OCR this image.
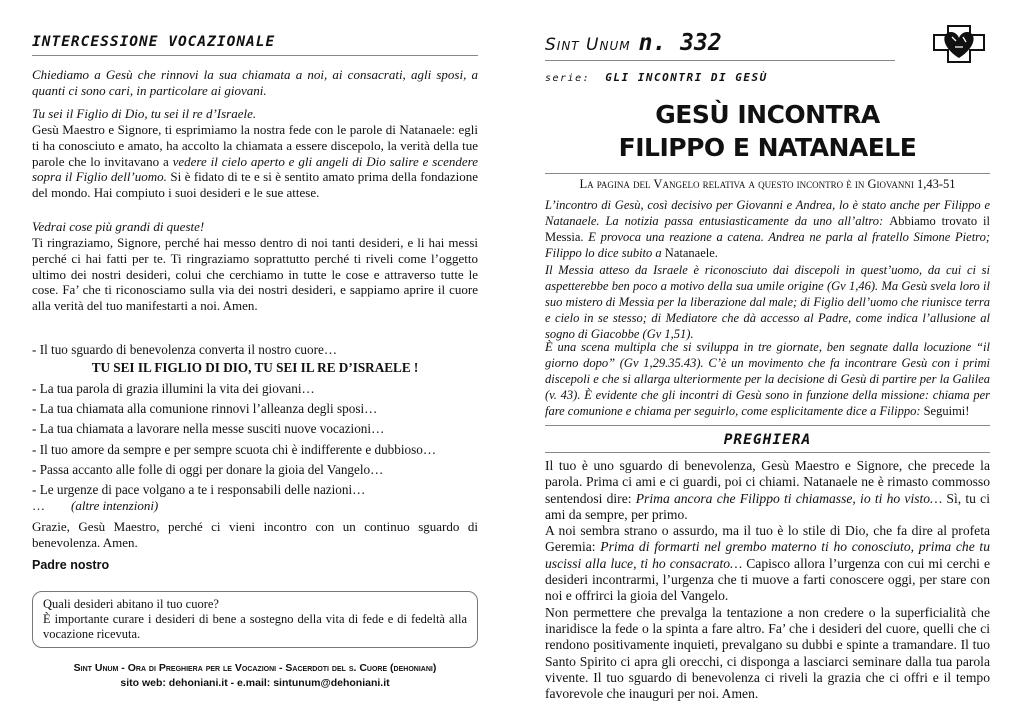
INTERCESSIONE VOCAZIONALE
Chiediamo a Gesù che rinnovi la sua chiamata a noi, ai consacrati, agli sposi, a quanti ci sono cari, in particolare ai giovani.
Tu sei il Figlio di Dio, tu sei il re d’Israele.
Gesù Maestro e Signore, ti esprimiamo la nostra fede con le parole di Natanaele: egli ti ha conosciuto e amato, ha accolto la chiamata a essere discepolo, la verità della tue parole che lo invitavano a vedere il cielo aperto e gli angeli di Dio salire e scendere sopra il Figlio dell’uomo. Si è fidato di te e si è sentito amato prima della fondazione del mondo. Hai compiuto i suoi desideri e le sue attese.
Vedrai cose più grandi di queste!
Ti ringraziamo, Signore, perché hai messo dentro di noi tanti desideri, e li hai messi perché ci hai fatti per te. Ti ringraziamo soprattutto perché ti riveli come l’oggetto ultimo dei nostri desideri, colui che cerchiamo in tutte le cose e attraverso tutte le cose. Fa’ che ti riconosciamo sulla via dei nostri desideri, e sappiamo aprire il cuore alla verità del tuo manifestarti a noi. Amen.
- Il tuo sguardo di benevolenza converta il nostro cuore…
TU SEI IL FIGLIO DI DIO, TU SEI IL RE D’ISRAELE !
- La tua parola di grazia illumini la vita dei giovani…
- La tua chiamata alla comunione rinnovi l’alleanza degli sposi…
- La tua chiamata a lavorare nella messe susciti nuove vocazioni…
- Il tuo amore da sempre e per sempre scuota chi è indifferente e dubbioso…
- Passa accanto alle folle di oggi per donare la gioia del Vangelo…
- Le urgenze di pace volgano a te i responsabili delle nazioni…
… (altre intenzioni)
Grazie, Gesù Maestro, perché ci vieni incontro con un continuo sguardo di benevolenza. Amen.
Padre nostro
Quali desideri abitano il tuo cuore?
È importante curare i desideri di bene a sostegno della vita di fede e di fedeltà alla vocazione ricevuta.
Sint Unum - Ora di Preghiera per le Vocazioni - Sacerdoti del s. Cuore (dehoniani)
sito web: dehoniani.it - e.mail: sintunum@dehoniani.it
Sint Unum n. 332
serie: GLI INCONTRI DI GESÙ
GESÙ INCONTRA
FILIPPO E NATANAELE
La pagina del Vangelo relativa a questo incontro è in Giovanni 1,43-51
L’incontro di Gesù, così decisivo per Giovanni e Andrea, lo è stato anche per Filippo e Natanaele. La notizia passa entusiasticamente da uno all’altro: Abbiamo trovato il Messia. E provoca una reazione a catena. Andrea ne parla al fratello Simone Pietro; Filippo lo dice subito a Natanaele.
Il Messia atteso da Israele è riconosciuto dai discepoli in quest’uomo, da cui ci si aspetterebbe ben poco a motivo della sua umile origine (Gv 1,46). Ma Gesù svela loro il suo mistero di Messia per la liberazione dal male; di Figlio dell’uomo che riunisce terra e cielo in se stesso; di Mediatore che dà accesso al Padre, come indica l’allusione al sogno di Giacobbe (Gv 1,51).
È una scena multipla che si sviluppa in tre giornate, ben segnate dalla locuzione “il giorno dopo” (Gv 1,29.35.43). C’è un movimento che fa incontrare Gesù con i primi discepoli e che si allarga ulteriormente per la decisione di Gesù di partire per la Galilea (v. 43). È evidente che gli incontri di Gesù sono in funzione della missione: chiama per fare comunione e chiama per seguirlo, come esplicitamente dice a Filippo: Seguimi!
PREGHIERA
Il tuo è uno sguardo di benevolenza, Gesù Maestro e Signore, che precede la parola. Prima ci ami e ci guardi, poi ci chiami. Natanaele ne è rimasto commosso sentendosi dire: Prima ancora che Filippo ti chiamasse, io ti ho visto… Sì, tu ci ami da sempre, per primo.
A noi sembra strano o assurdo, ma il tuo è lo stile di Dio, che fa dire al profeta Geremia: Prima di formarti nel grembo materno ti ho conosciuto, prima che tu uscissi alla luce, ti ho consacrato… Capisco allora l’urgenza con cui mi cerchi e desideri incontrarmi, l’urgenza che ti muove a farti conoscere oggi, per stare con noi e offrirci la gioia del Vangelo.
Non permettere che prevalga la tentazione a non credere o la superficialità che inaridisce la fede o la spinta a fare altro. Fa’ che i desideri del cuore, quelli che ci rendono positivamente inquieti, prevalgano su dubbi e spinte a tramandare. Il tuo Santo Spirito ci apra gli orecchi, ci disponga a lasciarci seminare dalla tua parola vivente. Il tuo sguardo di benevolenza ci riveli la grazia che ci offri e il tempo favorevole che inauguri per noi. Amen.
